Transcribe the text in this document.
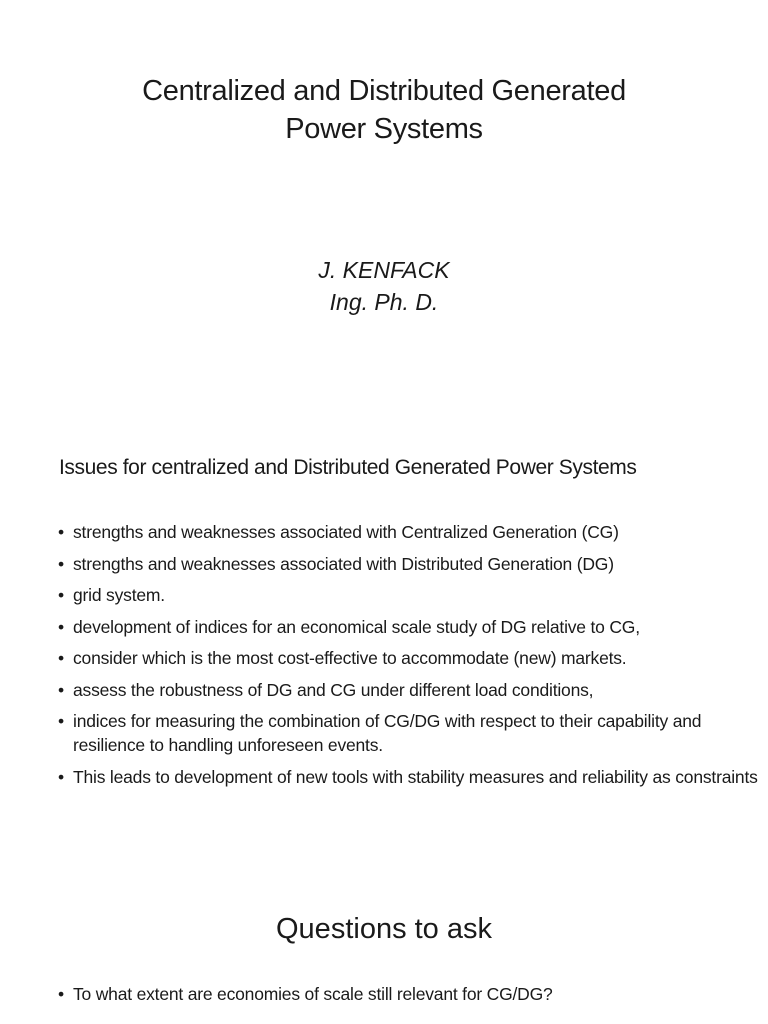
Centralized and Distributed Generated
Power Systems
J. KENFACK
Ing. Ph. D.
Issues for centralized and Distributed Generated Power Systems
• strengths and weaknesses associated with Centralized Generation (CG)
• strengths and weaknesses associated with Distributed Generation (DG)
• grid system.
• development of indices for an economical scale study of DG relative to CG,
• consider which is the most cost-effective to accommodate (new) markets.
• assess the robustness of DG and CG under different load conditions,
• indices for measuring the combination of CG/DG with respect to their capability and resilience to handling unforeseen events.
• This leads to development of new tools with stability measures and reliability as constraints
Questions to ask
• To what extent are economies of scale still relevant for CG/DG?
